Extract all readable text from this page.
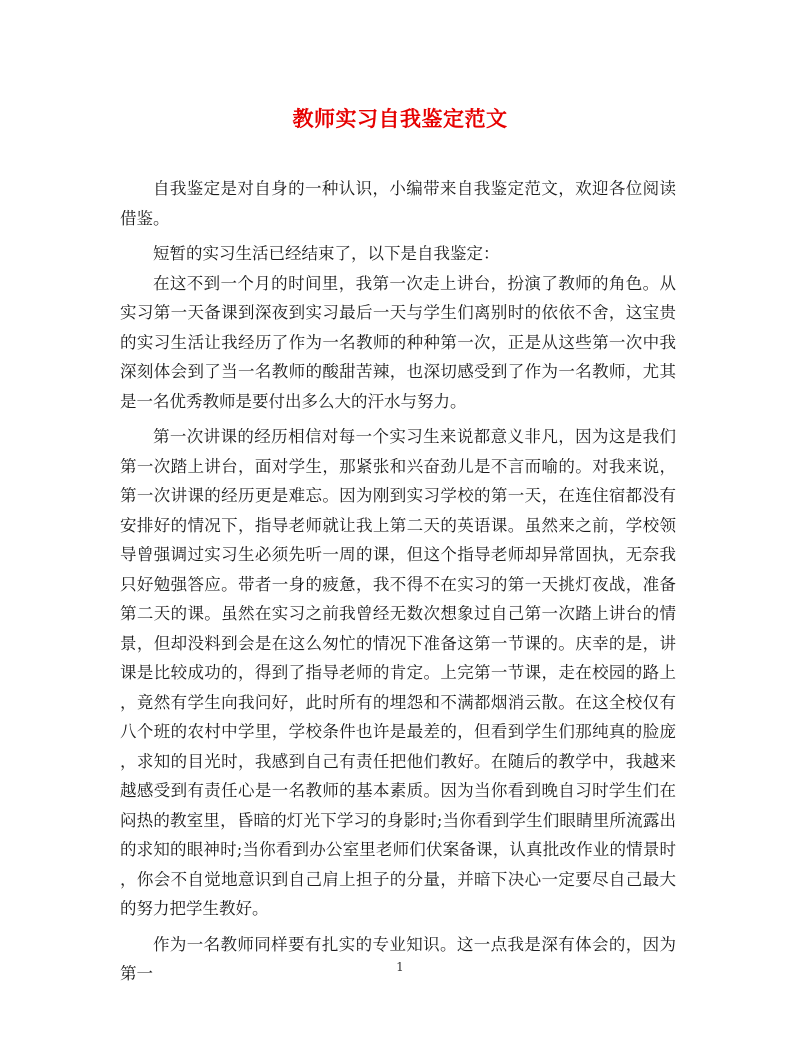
教师实习自我鉴定范文

自我鉴定是对自身的一种认识，小编带来自我鉴定范文，欢迎各位阅读借鉴。

短暂的实习生活已经结束了，以下是自我鉴定：

在这不到一个月的时间里，我第一次走上讲台，扮演了教师的角色。从实习第一天备课到深夜到实习最后一天与学生们离别时的依依不舍，这宝贵的实习生活让我经历了作为一名教师的种种第一次，正是从这些第一次中我深刻体会到了当一名教师的酸甜苦辣，也深切感受到了作为一名教师，尤其是一名优秀教师是要付出多么大的汗水与努力。

第一次讲课的经历相信对每一个实习生来说都意义非凡，因为这是我们第一次踏上讲台，面对学生，那紧张和兴奋劲儿是不言而喻的。对我来说，第一次讲课的经历更是难忘。因为刚到实习学校的第一天，在连住宿都没有安排好的情况下，指导老师就让我上第二天的英语课。虽然来之前，学校领导曾强调过实习生必须先听一周的课，但这个指导老师却异常固执，无奈我只好勉强答应。带者一身的疲惫，我不得不在实习的第一天挑灯夜战，准备第二天的课。虽然在实习之前我曾经无数次想象过自己第一次踏上讲台的情景，但却没料到会是在这么匆忙的情况下准备这第一节课的。庆幸的是，讲课是比较成功的，得到了指导老师的肯定。上完第一节课，走在校园的路上，竟然有学生向我问好，此时所有的埋怨和不满都烟消云散。在这全校仅有八个班的农村中学里，学校条件也许是最差的，但看到学生们那纯真的脸庞，求知的目光时，我感到自己有责任把他们教好。在随后的教学中，我越来越感受到有责任心是一名教师的基本素质。因为当你看到晚自习时学生们在闷热的教室里，昏暗的灯光下学习的身影时;当你看到学生们眼睛里所流露出的求知的眼神时;当你看到办公室里老师们伏案备课，认真批改作业的情景时，你会不自觉地意识到自己肩上担子的分量，并暗下决心一定要尽自己最大的努力把学生教好。

作为一名教师同样要有扎实的专业知识。这一点我是深有体会的，因为第一	1
